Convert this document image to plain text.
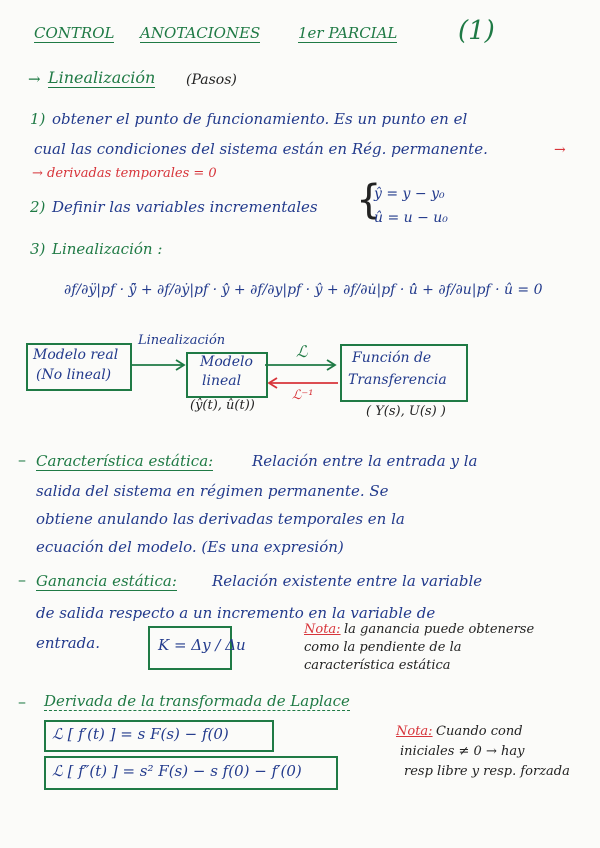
CONTROL ANOTACIONES	1er PARCIAL (1)
→ Linealización (Pasos)
1) obtener el punto de funcionamiento. Es un punto en el
cual las condiciones del sistema están en Rég. permanente.	→
→ derivadas temporales = 0
2) Definir las variables incrementales {
ŷ = y − y₀
û = u − u₀
3) Linealización :
∂f/∂ÿ|pf · ÿ̂ + ∂f/∂ẏ|pf · ẏ̂ + ∂f/∂y|pf · ŷ + ∂f/∂u̇|pf · u̇̂ + ∂f/∂u|pf · û = 0
Modelo real
(No lineal)
Linealización
Modelo
lineal
(ŷ(t), û(t))
ℒ
ℒ⁻¹
Función de
Transferencia
( Y(s), U(s) )
– Característica estática:	Relación entre la entrada y la
salida del sistema en régimen permanente. Se
obtiene anulando las derivadas temporales en la
ecuación del modelo. (Es una expresión)
– Ganancia estática: Relación existente entre la variable
de salida respecto a un incremento en la variable de
entrada.	K = Δy / Δu
Nota: la ganancia puede obtenerse
como la pendiente de la
característica estática
– Derivada de la transformada de Laplace
ℒ [ f′(t) ] = s F(s) − f(0)
ℒ [ f″(t) ] = s² F(s) − s f(0) − f′(0)
Nota: Cuando cond
iniciales ≠ 0 → hay
resp libre y resp. forzada
